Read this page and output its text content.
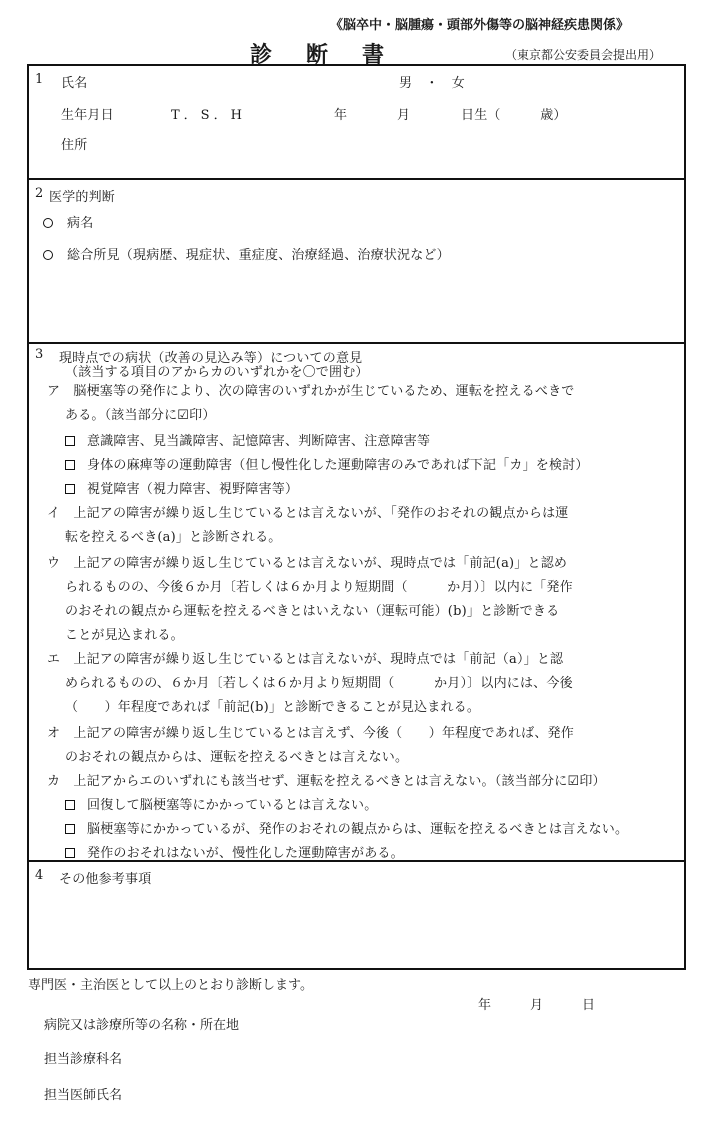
《脳卒中・脳腫瘍・頭部外傷等の脳神経疾患関係》
診　断　書	（東京都公安委員会提出用）
1 氏名	男　・　女
生年月日	T．S．H	年	月	日生（　　　歳）
住所
2 医学的判断
病名
総合所見（現病歴、現症状、重症度、治療経過、治療状況など）
3 現時点での病状（改善の見込み等）についての意見
（該当する項目のアからカのいずれかを〇で囲む）
ア　脳梗塞等の発作により、次の障害のいずれかが生じているため、運転を控えるべきで
ある。（該当部分に☑印）
意識障害、見当識障害、記憶障害、判断障害、注意障害等
身体の麻痺等の運動障害（但し慢性化した運動障害のみであれば下記「カ」を検討）
視覚障害（視力障害、視野障害等）
イ　上記アの障害が繰り返し生じているとは言えないが、「発作のおそれの観点からは運
転を控えるべき(a)」と診断される。
ウ　上記アの障害が繰り返し生じているとは言えないが、現時点では「前記(a)」と認め
られるものの、今後６か月〔若しくは６か月より短期間（　　　か月）〕以内に「発作
のおそれの観点から運転を控えるべきとはいえない（運転可能）(b)」と診断できる
ことが見込まれる。
エ　上記アの障害が繰り返し生じているとは言えないが、現時点では「前記（a）」と認
められるものの、６か月〔若しくは６か月より短期間（　　　か月）〕以内には、今後
（　　）年程度であれば「前記(b)」と診断できることが見込まれる。
オ　上記アの障害が繰り返し生じているとは言えず、今後（　　）年程度であれば、発作
のおそれの観点からは、運転を控えるべきとは言えない。
カ　上記アからエのいずれにも該当せず、運転を控えるべきとは言えない。（該当部分に☑印）
回復して脳梗塞等にかかっているとは言えない。
脳梗塞等にかかっているが、発作のおそれの観点からは、運転を控えるべきとは言えない。
発作のおそれはないが、慢性化した運動障害がある。
4 その他参考事項
専門医・主治医として以上のとおり診断します。
年　　　月　　　日
病院又は診療所等の名称・所在地
担当診療科名
担当医師氏名
